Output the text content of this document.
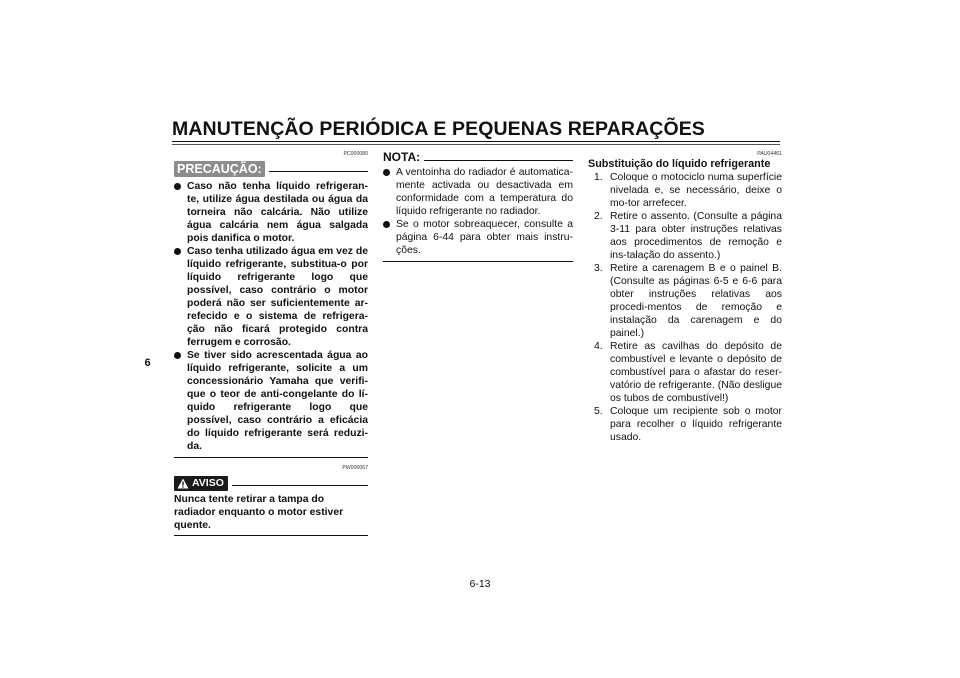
MANUTENÇÃO PERIÓDICA E PEQUENAS REPARAÇÕES
6
PC000080
PRECAUÇÃO:
Caso não tenha líquido refrigeran-te, utilize água destilada ou água da torneira não calcária. Não utilize água calcária nem água salgada pois danifica o motor.
Caso tenha utilizado água em vez de líquido refrigerante, substitua-o por líquido refrigerante logo que possível, caso contrário o motor poderá não ser suficientemente ar-refecido e o sistema de refrigera-ção não ficará protegido contra ferrugem e corrosão.
Se tiver sido acrescentada água ao líquido refrigerante, solicite a um concessionário Yamaha que verifi-que o teor de anti-congelante do lí-quido refrigerante logo que possível, caso contrário a eficácia do líquido refrigerante será reduzi-da.
PW000067
AVISO
Nunca tente retirar a tampa do radiador enquanto o motor estiver quente.
NOTA:
A ventoinha do radiador é automatica-mente activada ou desactivada em conformidade com a temperatura do líquido refrigerante no radiador.
Se o motor sobreaquecer, consulte a página 6-44 para obter mais instru-ções.
PAU04461
Substituição do líquido refrigerante
1. Coloque o motociclo numa superfície nivelada e, se necessário, deixe o mo-tor arrefecer.
2. Retire o assento. (Consulte a página 3-11 para obter instruções relativas aos procedimentos de remoção e ins-talação do assento.)
3. Retire a carenagem B e o painel B. (Consulte as páginas 6-5 e 6-6 para obter instruções relativas aos procedi-mentos de remoção e instalação da carenagem e do painel.)
4. Retire as cavilhas do depósito de combustível e levante o depósito de combustível para o afastar do reser-vatório de refrigerante. (Não desligue os tubos de combustível!)
5. Coloque um recipiente sob o motor para recolher o líquido refrigerante usado.
6-13
